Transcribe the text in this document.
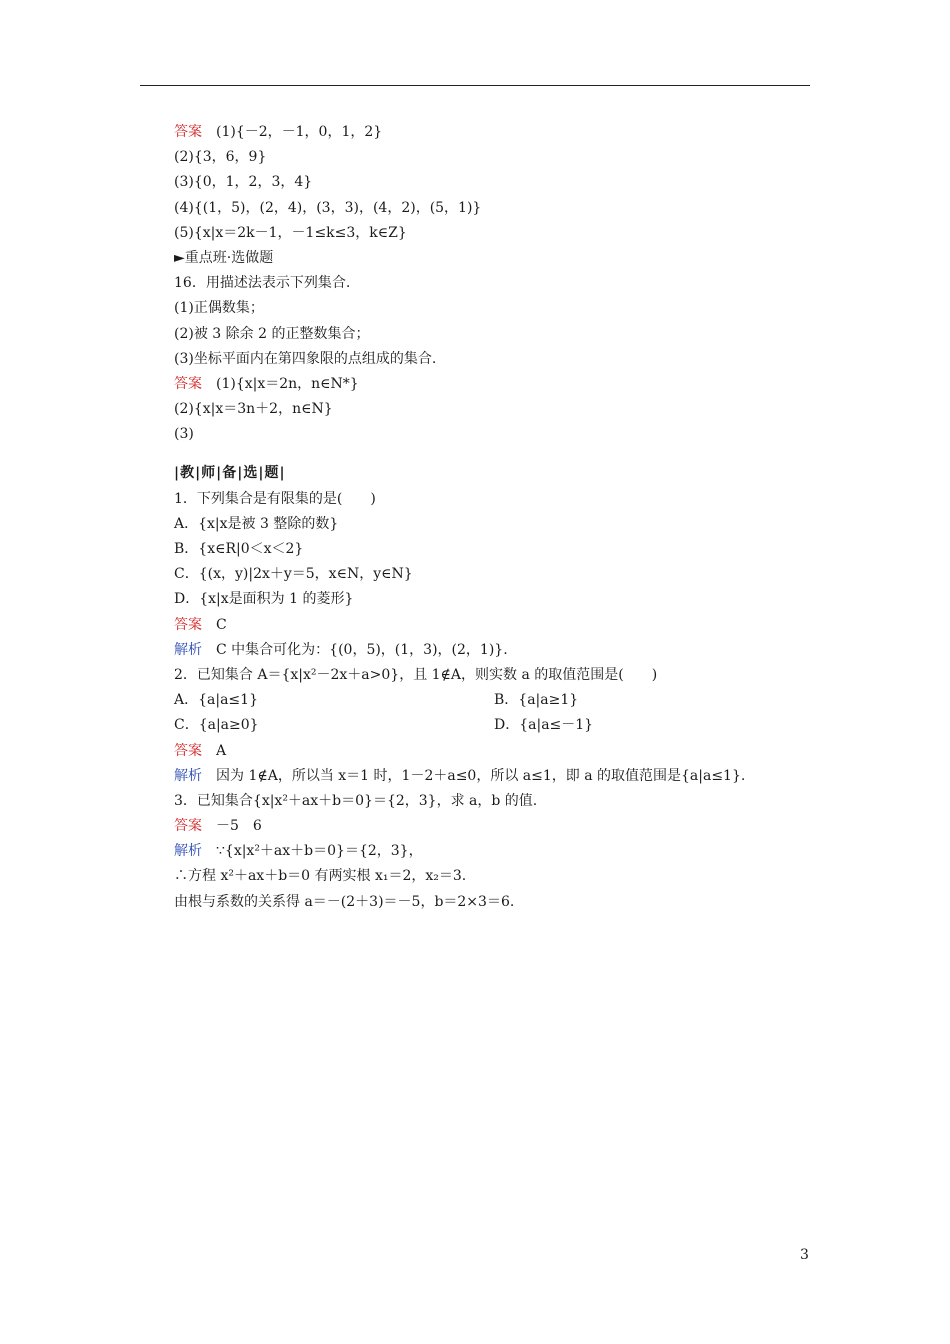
答案 (1){－2，－1，0，1，2}
(2){3，6，9}
(3){0，1，2，3，4}
(4){(1，5)，(2，4)，(3，3)，(4，2)，(5，1)}
(5){x|x＝2k－1，－1≤k≤3，k∈Z}
►重点班·选做题
16．用描述法表示下列集合.
(1)正偶数集；
(2)被 3 除余 2 的正整数集合；
(3)坐标平面内在第四象限的点组成的集合.
答案 (1){x|x＝2n，n∈N*}
(2){x|x＝3n＋2，n∈N}
(3)
|教|师|备|选|题|
1．下列集合是有限集的是(　　)
A．{x|x是被 3 整除的数}
B．{x∈R|0＜x＜2}
C．{(x，y)|2x＋y＝5，x∈N，y∈N}
D．{x|x是面积为 1 的菱形}
答案 C
解析 C 中集合可化为：{(0，5)，(1，3)，(2，1)}.
2．已知集合 A＝{x|x²－2x＋a>0}，且 1∉A，则实数 a 的取值范围是(　　)
A．{a|a≤1}	B．{a|a≥1}
C．{a|a≥0}	D．{a|a≤－1}
答案 A
解析 因为 1∉A，所以当 x＝1 时，1－2＋a≤0，所以 a≤1，即 a 的取值范围是{a|a≤1}.
3．已知集合{x|x²＋ax＋b＝0}＝{2，3}，求 a，b 的值.
答案 －5　6
解析 ∵{x|x²＋ax＋b＝0}＝{2，3}，
∴方程 x²＋ax＋b＝0 有两实根 x₁＝2，x₂＝3.
由根与系数的关系得 a＝－(2＋3)＝－5，b＝2×3＝6.
3
